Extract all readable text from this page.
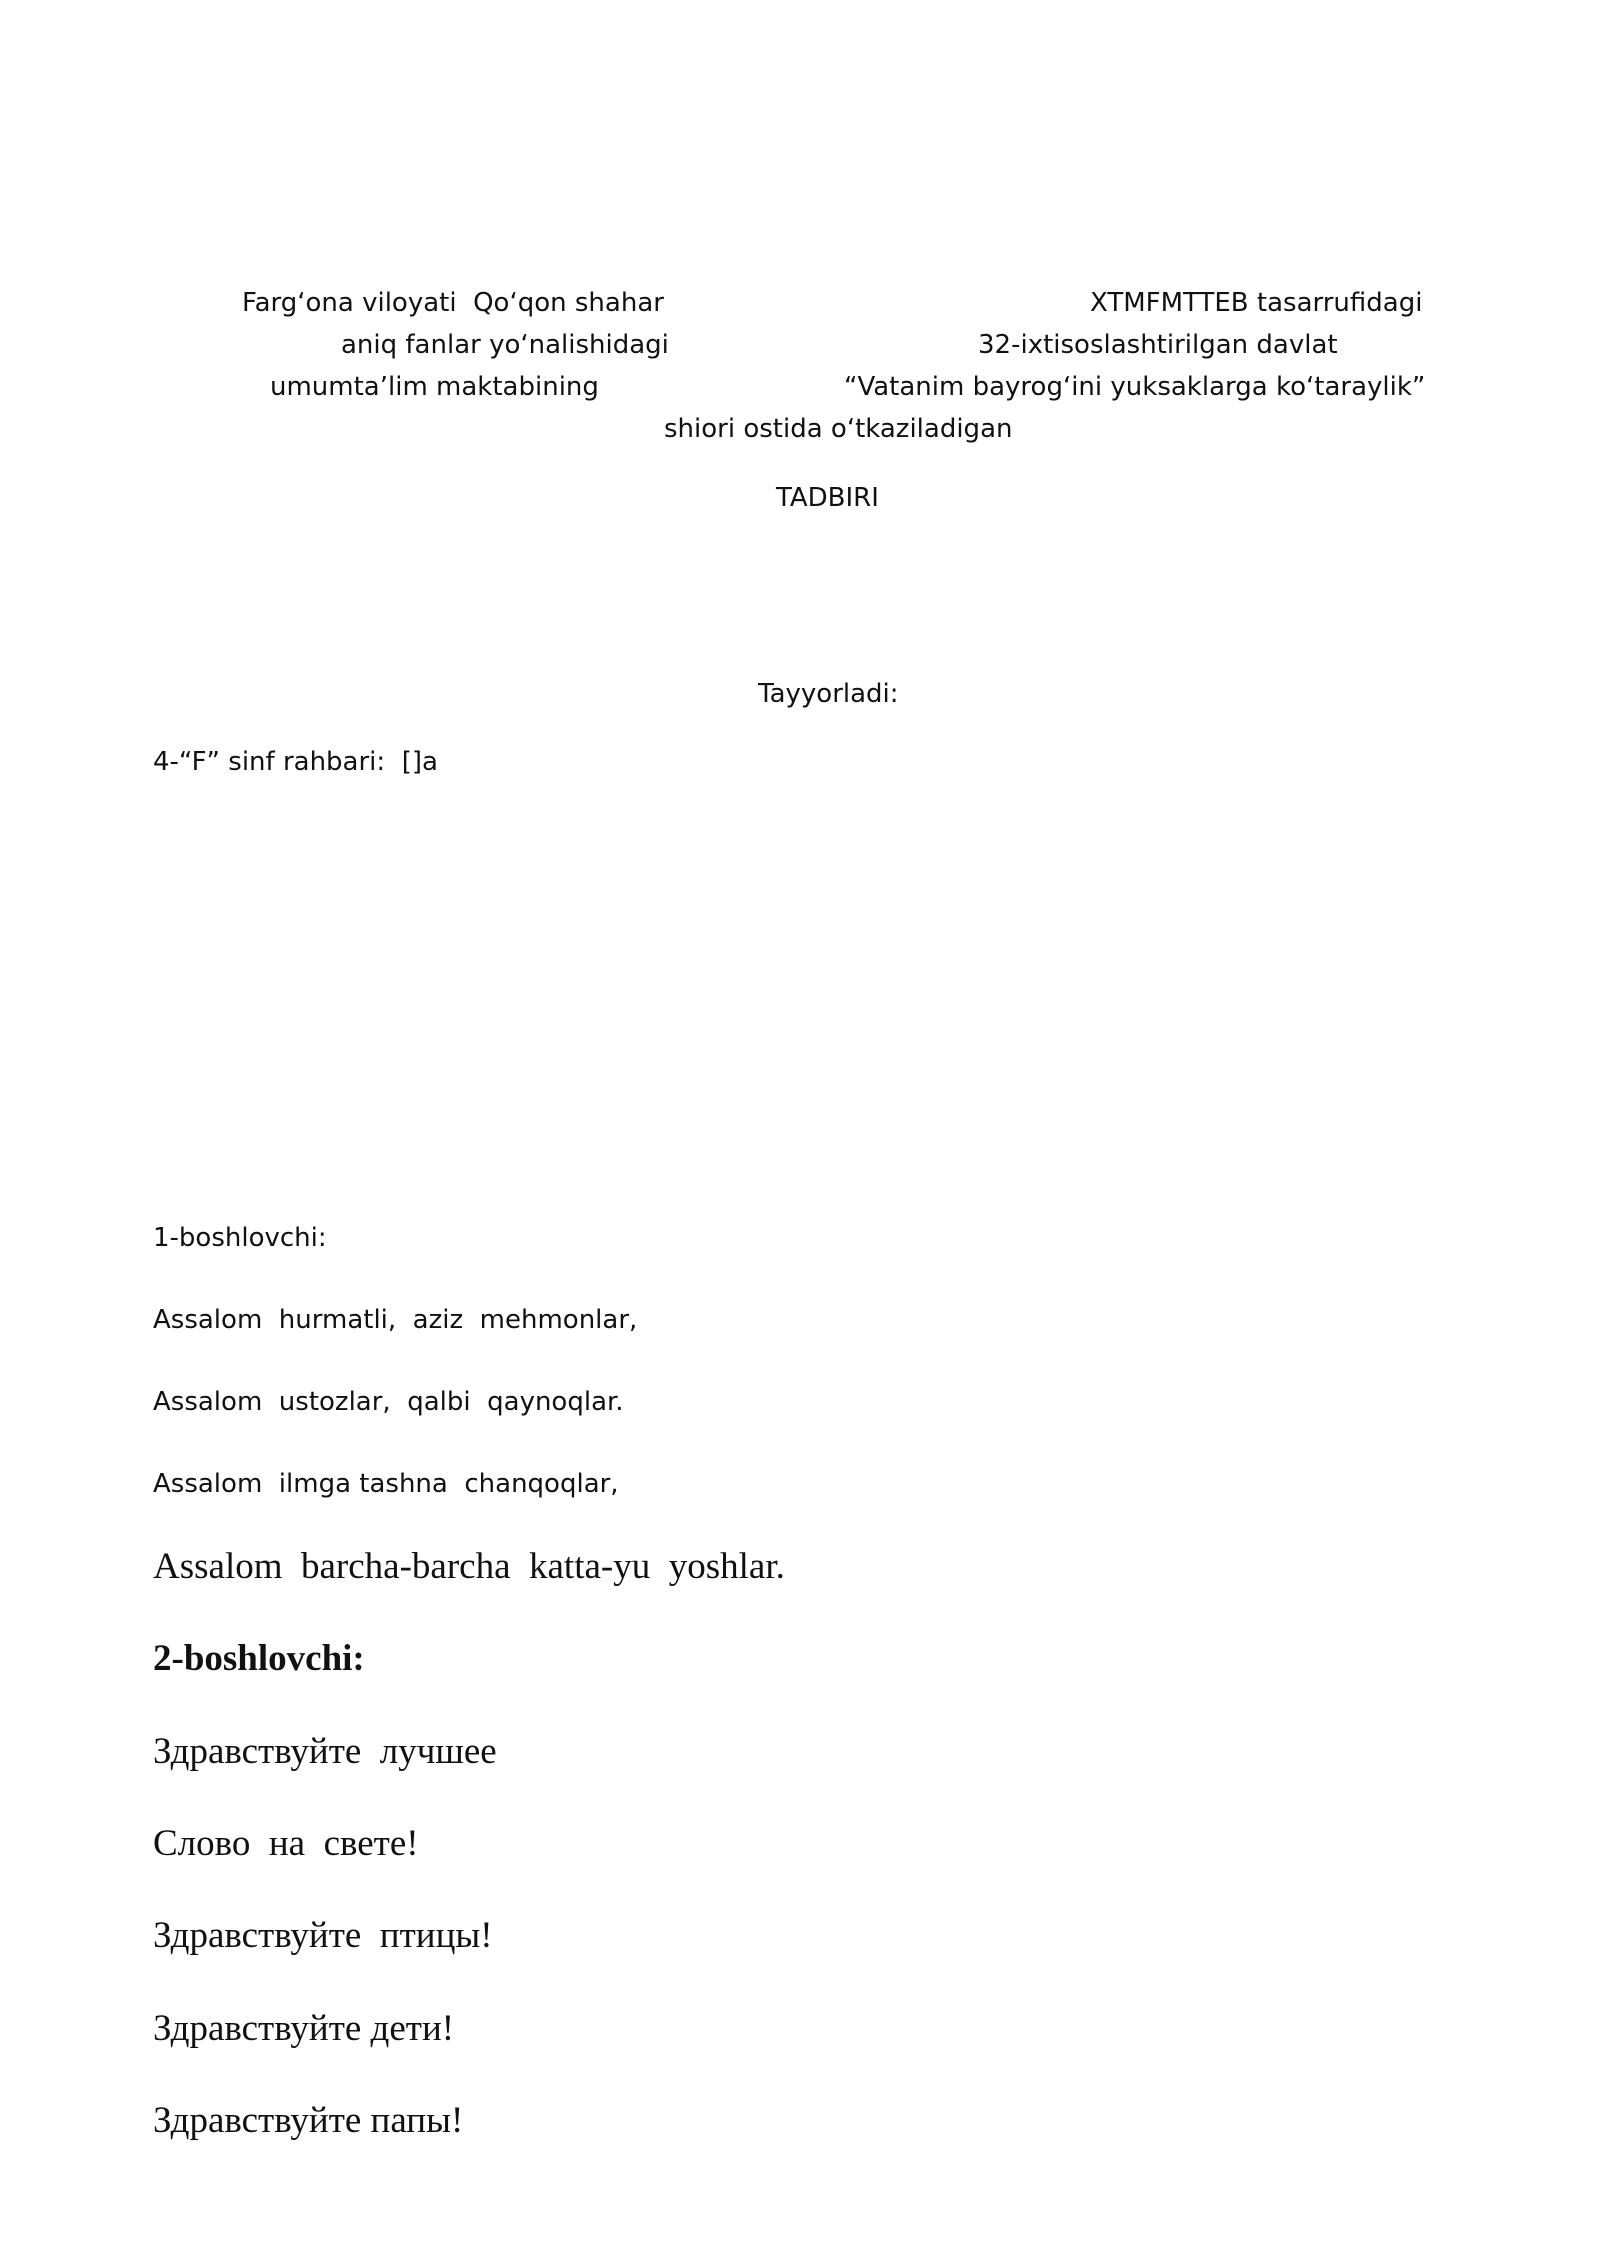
Farg‘ona viloyati  Qo‘qon shahar	XTMFMTTEB tasarrufidagi
aniq fanlar yo‘nalishidagi	32-ixtisoslashtirilgan davlat
umumta’lim maktabining	“Vatanim bayrog‘ini yuksaklarga ko‘taraylik”
shiori ostida o‘tkaziladigan
TADBIRI
Tayyorladi:
4-“F” sinf rahbari:  []a
1-boshlovchi:
Assalom  hurmatli,  aziz  mehmonlar,
Assalom  ustozlar,  qalbi  qaynoqlar.
Assalom  ilmga tashna  chanqoqlar,
Assalom  barcha-barcha  katta-yu  yoshlar.
2-boshlovchi:
Здравствуйте  лучшее
Слово  на  свете!
Здравствуйте  птицы!
Здравствуйте дети!
Здравствуйте папы!
